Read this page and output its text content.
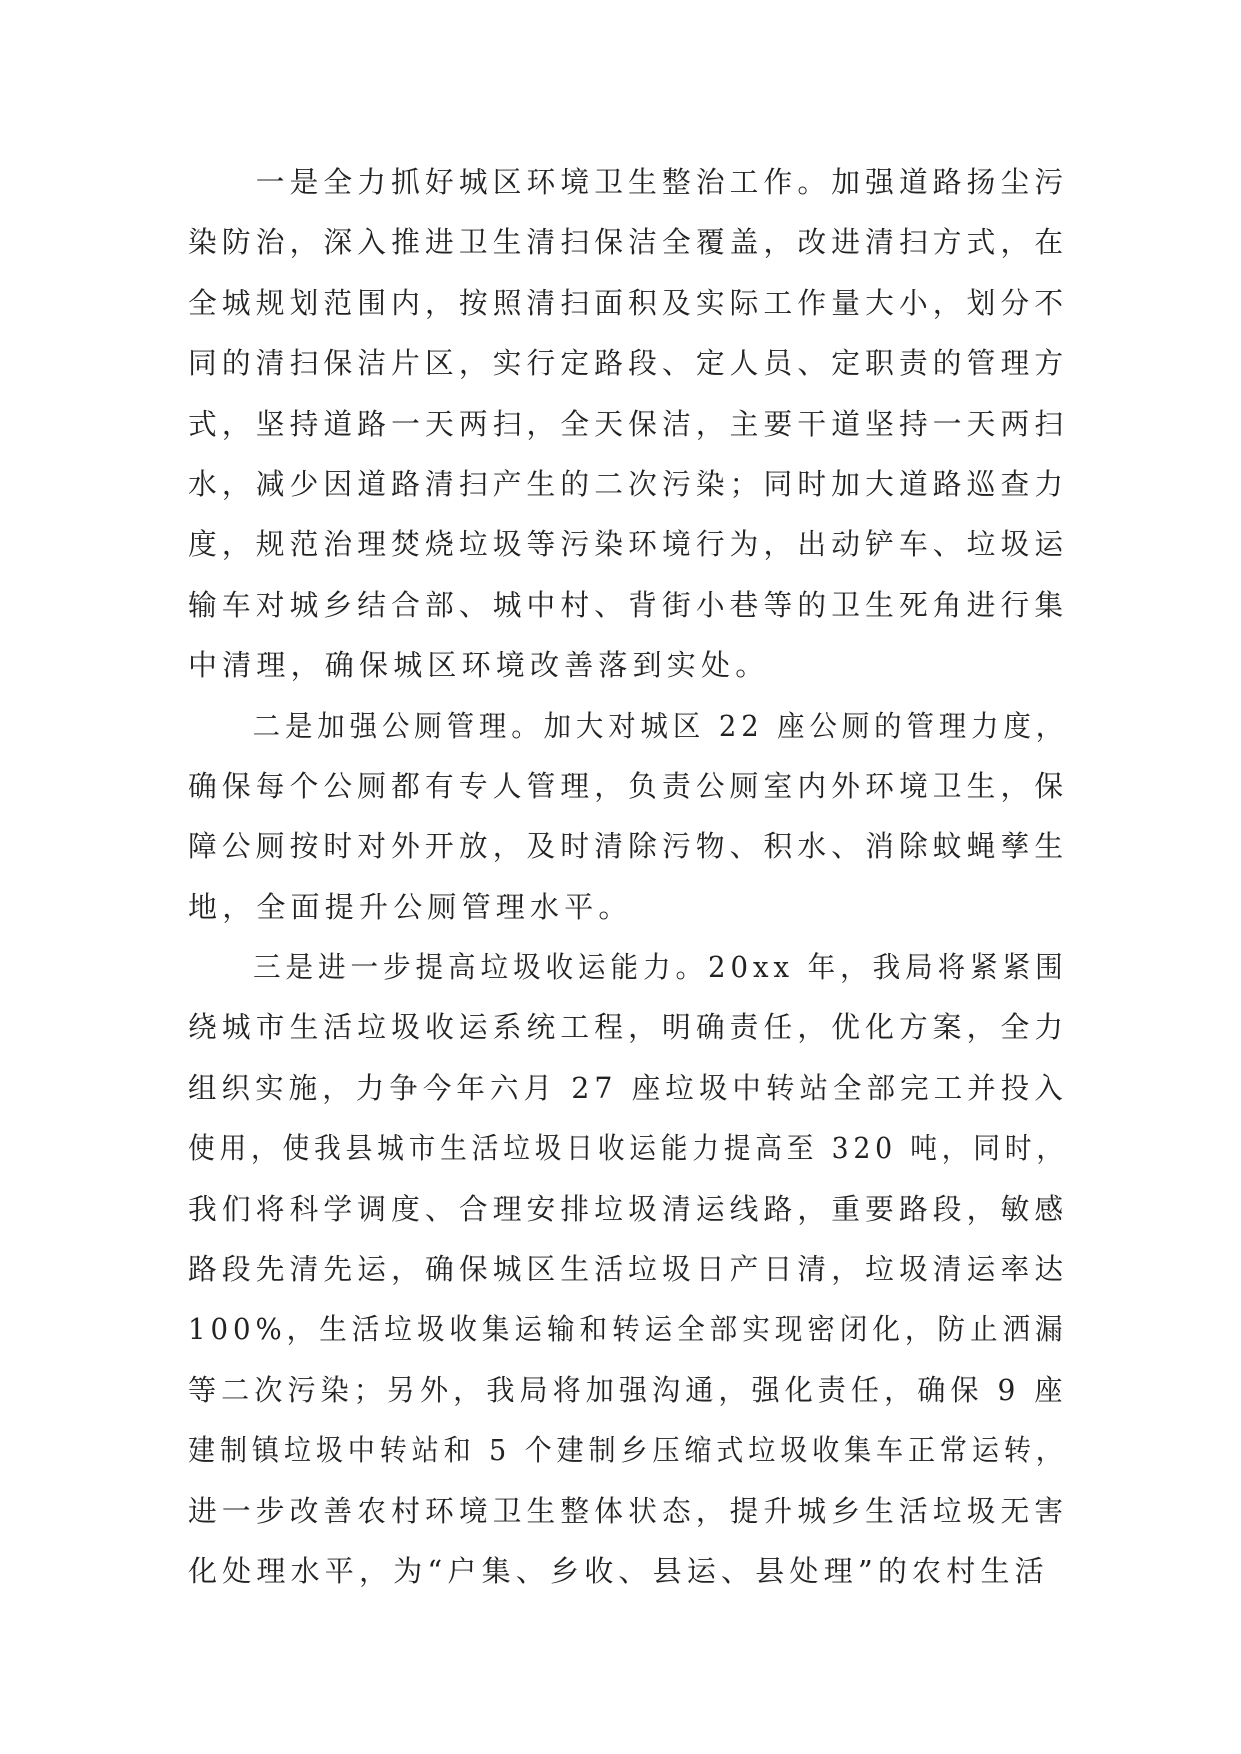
　　一是全力抓好城区环境卫生整治工作。加强道路扬尘污
染防治，深入推进卫生清扫保洁全覆盖，改进清扫方式，在
全城规划范围内，按照清扫面积及实际工作量大小，划分不
同的清扫保洁片区，实行定路段、定人员、定职责的管理方
式，坚持道路一天两扫，全天保洁，主要干道坚持一天两扫
水，减少因道路清扫产生的二次污染；同时加大道路巡查力
度，规范治理焚烧垃圾等污染环境行为，出动铲车、垃圾运
输车对城乡结合部、城中村、背街小巷等的卫生死角进行集
中清理，确保城区环境改善落到实处。
　　二是加强公厕管理。加大对城区 22 座公厕的管理力度，
确保每个公厕都有专人管理，负责公厕室内外环境卫生，保
障公厕按时对外开放，及时清除污物、积水、消除蚊蝇孳生
地，全面提升公厕管理水平。
　　三是进一步提高垃圾收运能力。20xx 年，我局将紧紧围
绕城市生活垃圾收运系统工程，明确责任，优化方案，全力
组织实施，力争今年六月 27 座垃圾中转站全部完工并投入
使用，使我县城市生活垃圾日收运能力提高至 320 吨，同时，
我们将科学调度、合理安排垃圾清运线路，重要路段，敏感
路段先清先运，确保城区生活垃圾日产日清，垃圾清运率达
100%，生活垃圾收集运输和转运全部实现密闭化，防止洒漏
等二次污染；另外，我局将加强沟通，强化责任，确保 9 座
建制镇垃圾中转站和 5 个建制乡压缩式垃圾收集车正常运转，
进一步改善农村环境卫生整体状态，提升城乡生活垃圾无害
化处理水平，为“户集、乡收、县运、县处理”的农村生活
